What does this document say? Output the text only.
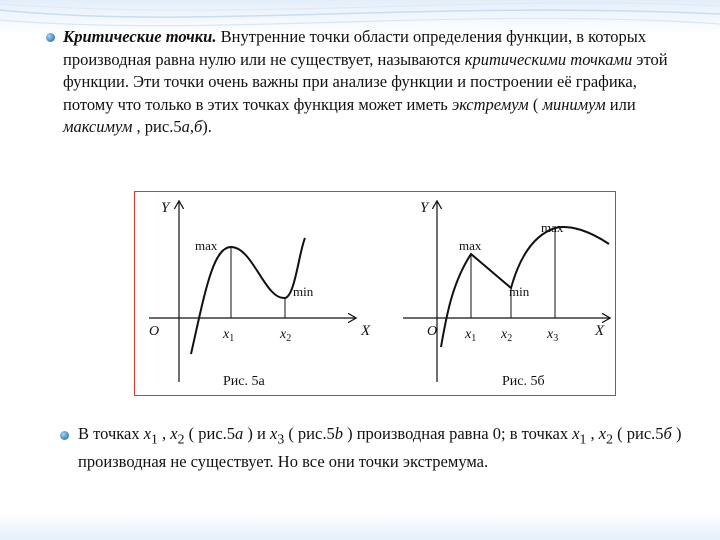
Критические точки. Внутренние точки области определения функции, в которых производная равна нулю или не существует, называются критическими точками этой функции. Эти точки очень важны при анализе функции и построении её графика, потому что только в этих точках функция может иметь экстремум ( минимум или максимум , рис.5а,б).

Y
X
O
max
min
$x_1$	$x_2$
Рис. 5а
Y
X
O
max
max
min
$x_1$ $x_2$ $x_3$
Рис. 5б

В точках $x_1$ , $x_2$ ( рис.5а ) и $x_3$ ( рис.5b ) производная равна 0; в точках $x_1$ , $x_2$ ( рис.5б ) производная не существует. Но все они точки экстремума.
